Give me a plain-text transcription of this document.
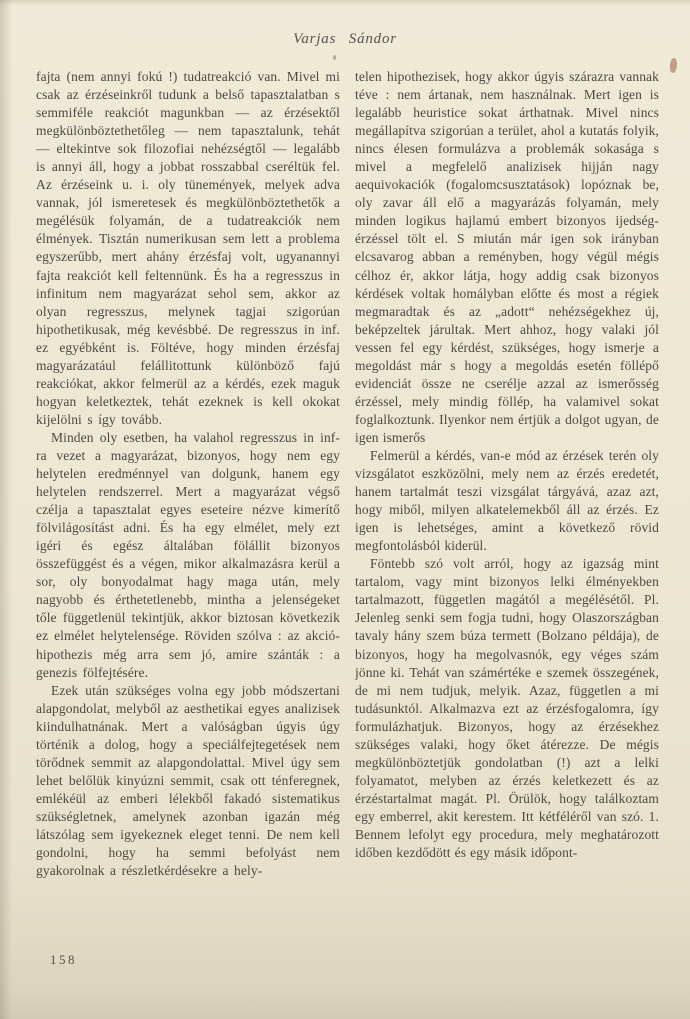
Varjas Sándor

fajta (nem annyi fokú !) tudatreakció van. Mivel mi csak az érzéseinkről tudunk a belső tapasztalatban s semmiféle reakciót magunkban — az érzésektől megkülönböztethetőleg — nem tapasztalunk, tehát — eltekintve sok filozofiai nehézségtől — legalább is annyi áll, hogy a jobbat rosszabbal cseréltük fel. Az érzéseink u. i. oly tünemények, melyek adva vannak, jól ismeretesek és megkülönböztethetők a megélésük folyamán, de a tudatreakciók nem élmények. Tisztán numerikusan sem lett a problema egyszerűbb, mert ahány érzésfaj volt, ugyanannyi fajta reakciót kell feltennünk. És ha a regresszus in infinitum nem magyarázat sehol sem, akkor az olyan regresszus, melynek tagjai szigorúan hipothetikusak, még kevésbbé. De regresszus in inf. ez egyébként is. Föltéve, hogy minden érzésfaj magyarázatául felállitottunk különböző fajú reakciókat, akkor felmerül az a kérdés, ezek maguk hogyan keletkeztek, tehát ezeknek is kell okokat kijelölni s így tovább.

Minden oly esetben, ha valahol regresszus in inf-ra vezet a magyarázat, bizonyos, hogy nem egy helytelen eredménnyel van dolgunk, hanem egy helytelen rendszerrel. Mert a magyarázat végső czélja a tapasztalat egyes eseteire nézve kimerítő fölvilágosítást adni. És ha egy elmélet, mely ezt igéri és egész általában fölállit bizonyos összefüggést és a végen, mikor alkalmazásra kerül a sor, oly bonyodalmat hagy maga után, mely nagyobb és érthetetlenebb, mintha a jelenségeket tőle függetlenül tekintjük, akkor biztosan következik ez elmélet helytelensége. Röviden szólva : az akció-hipothezis még arra sem jó, amire szánták : a genezis fölfejtésére.

Ezek után szükséges volna egy jobb módszertani alapgondolat, melyből az aesthetikai egyes analizisek kiindulhatnának. Mert a valóságban úgyis úgy történik a dolog, hogy a speciálfejtegetések nem törődnek semmit az alapgondolattal. Mivel úgy sem lehet belőlük kinyúzni semmit, csak ott ténferegnek, emlékéül az emberi lélekből fakadó sistematikus szükségletnek, amelynek azonban igazán még látszólag sem igyekeznek eleget tenni. De nem kell gondolni, hogy ha semmi befolyást nem gyakorolnak a részletkérdésekre a hely-

telen hipothezisek, hogy akkor úgyis szárazra vannak téve : nem ártanak, nem használnak. Mert igen is legalább heuristice sokat árthatnak. Mivel nincs megállapítva szigorúan a terület, ahol a kutatás folyik, nincs élesen formulázva a problemák sokasága s mivel a megfelelő analizisek hijján nagy aequivokaciók (fogalomcsusztatások) lopóznak be, oly zavar áll elő a magyarázás folyamán, mely minden logikus hajlamú embert bizonyos ijedség-érzéssel tölt el. S miután már igen sok irányban elcsavarog abban a reményben, hogy végül mégis célhoz ér, akkor látja, hogy addig csak bizonyos kérdések voltak homályban előtte és most a régiek megmaradtak és az „adott“ nehézségekhez új, beképzeltek járultak. Mert ahhoz, hogy valaki jól vessen fel egy kérdést, szükséges, hogy ismerje a megoldást már s hogy a megoldás esetén föllépő evidenciát össze ne cserélje azzal az ismerősség érzéssel, mely mindig föllép, ha valamivel sokat foglalkoztunk. Ilyenkor nem értjük a dolgot ugyan, de igen ismerős

Felmerül a kérdés, van-e mód az érzések terén oly vizsgálatot eszközölni, mely nem az érzés eredetét, hanem tartalmát teszi vizsgálat tárgyává, azaz azt, hogy miből, milyen alkatelemekből áll az érzés. Ez igen is lehetséges, amint a következő rövid megfontolásból kiderül.

Föntebb szó volt arról, hogy az igazság mint tartalom, vagy mint bizonyos lelki élményekben tartalmazott, független magától a megélésétől. Pl. Jelenleg senki sem fogja tudni, hogy Olaszországban tavaly hány szem búza termett (Bolzano példája), de bizonyos, hogy ha megolvasnók, egy véges szám jönne ki. Tehát van számértéke e szemek összegének, de mi nem tudjuk, melyik. Azaz, független a mi tudásunktól. Alkalmazva ezt az érzésfogalomra, így formulázhatjuk. Bizonyos, hogy az érzésekhez szükséges valaki, hogy őket átérezze. De mégis megkülönböztetjük gondolatban (!) azt a lelki folyamatot, melyben az érzés keletkezett és az érzéstartalmat magát. Pl. Örülök, hogy találkoztam egy emberrel, akit kerestem. Itt kétféléről van szó. 1. Bennem lefolyt egy procedura, mely meghatározott időben kezdődött és egy másik időpont-

158
